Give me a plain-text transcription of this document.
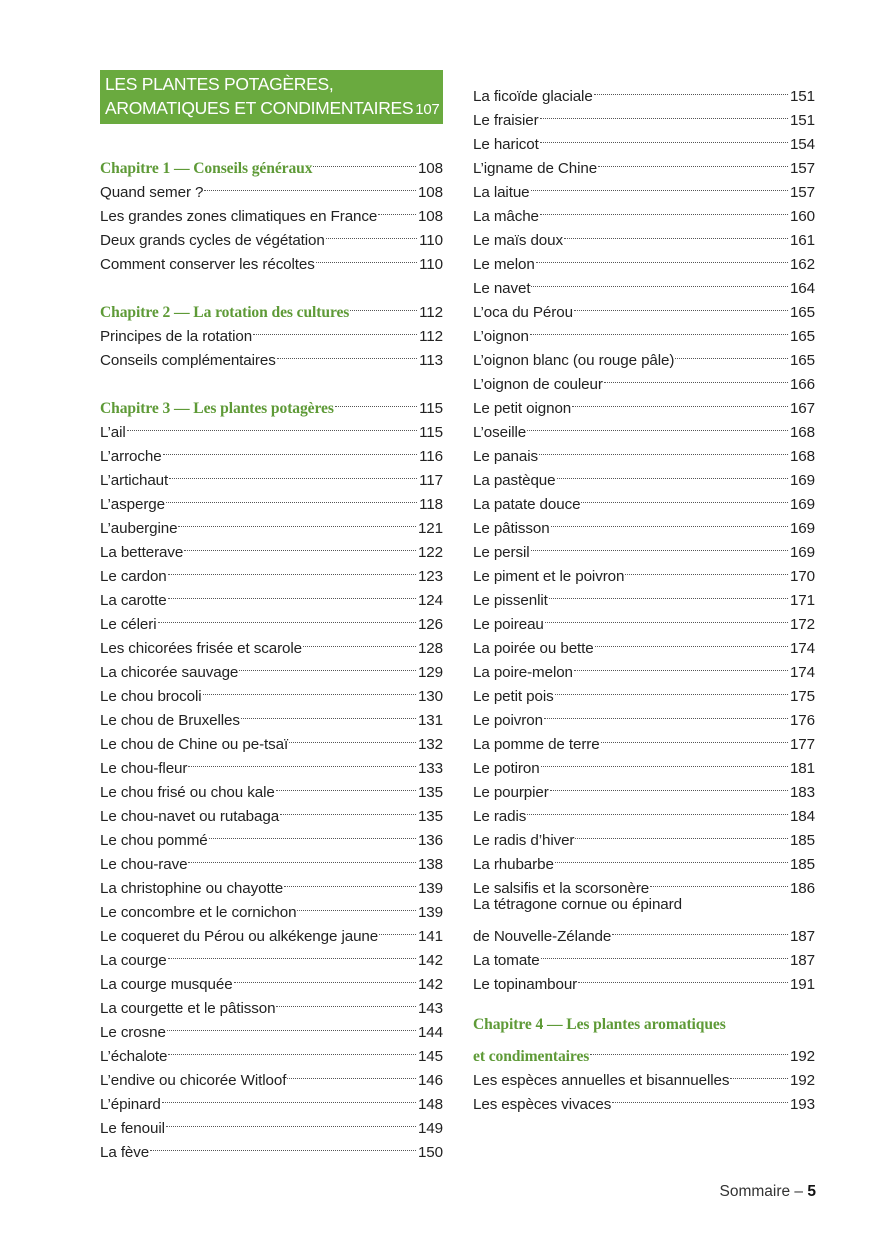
LES PLANTES POTAGÈRES,
AROMATIQUES ET CONDIMENTAIRES 107
Chapitre 1 — Conseils généraux	108
Quand semer ?	108
Les grandes zones climatiques en France	108
Deux grands cycles de végétation	110
Comment conserver les récoltes	110
Chapitre 2 — La rotation des cultures	112
Principes de la rotation	112
Conseils complémentaires	113
Chapitre 3 — Les plantes potagères	115
L’ail	115
L’arroche	116
L’artichaut	117
L’asperge	118
L’aubergine	121
La betterave	122
Le cardon	123
La carotte	124
Le céleri	126
Les chicorées frisée et scarole	128
La chicorée sauvage	129
Le chou brocoli	130
Le chou de Bruxelles	131
Le chou de Chine ou pe-tsaï	132
Le chou-fleur	133
Le chou frisé ou chou kale	135
Le chou-navet ou rutabaga	135
Le chou pommé	136
Le chou-rave	138
La christophine ou chayotte	139
Le concombre et le cornichon	139
Le coqueret du Pérou ou alkékenge jaune	141
La courge	142
La courge musquée	142
La courgette et le pâtisson	143
Le crosne	144
L’échalote	145
L’endive ou chicorée Witloof	146
L’épinard	148
Le fenouil	149
La fève	150
La ficoïde glaciale	151
Le fraisier	151
Le haricot	154
L’igname de Chine	157
La laitue	157
La mâche	160
Le maïs doux	161
Le melon	162
Le navet	164
L’oca du Pérou	165
L’oignon	165
L’oignon blanc (ou rouge pâle)	165
L’oignon de couleur	166
Le petit oignon	167
L’oseille	168
Le panais	168
La pastèque	169
La patate douce	169
Le pâtisson	169
Le persil	169
Le piment et le poivron	170
Le pissenlit	171
Le poireau	172
La poirée ou bette	174
La poire-melon	174
Le petit pois	175
Le poivron	176
La pomme de terre	177
Le potiron	181
Le pourpier	183
Le radis	184
Le radis d’hiver	185
La rhubarbe	185
Le salsifis et la scorsonère	186
La tétragone cornue ou épinard
de Nouvelle-Zélande	187
La tomate	187
Le topinambour	191
Chapitre 4 — Les plantes aromatiques
et condimentaires	192
Les espèces annuelles et bisannuelles	192
Les espèces vivaces	193
Sommaire – 5
